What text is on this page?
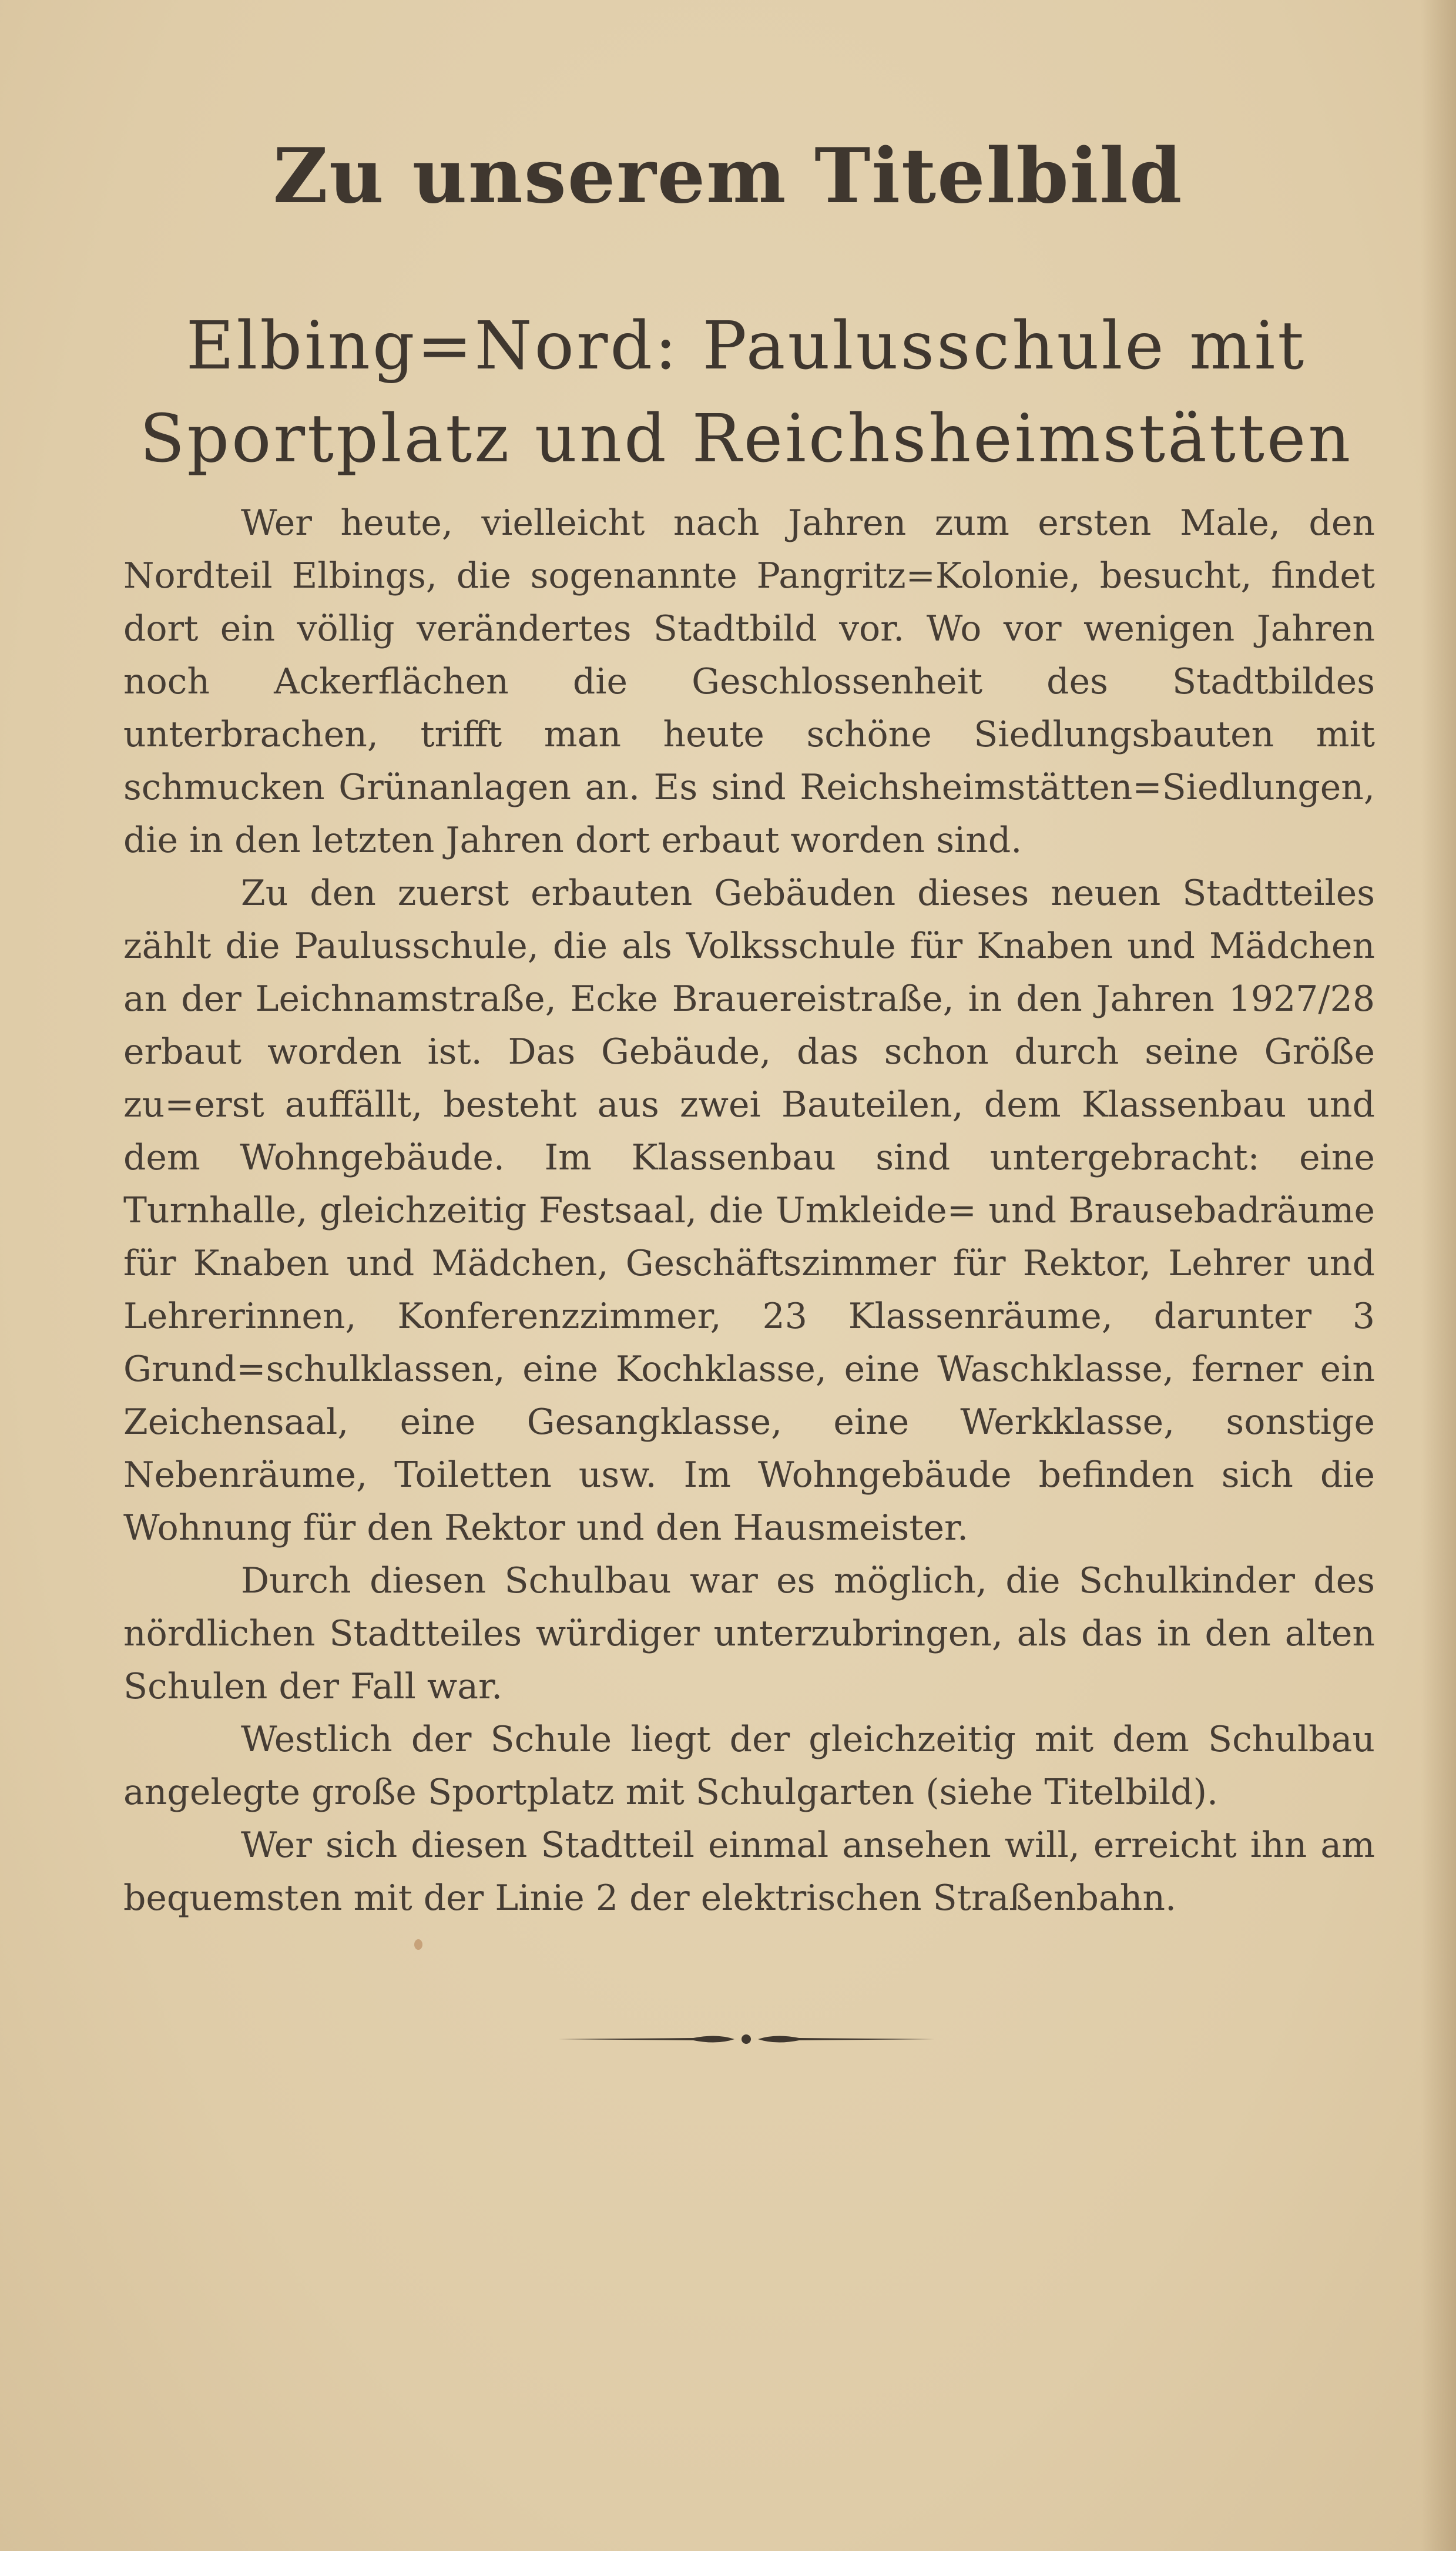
Zu unserem Titelbild
Elbing=Nord: Paulusschule mit Sportplatz und Reichsheimstätten

Wer heute, vielleicht nach Jahren zum ersten Male, den Nordteil Elbings, die sogenannte Pangritz=Kolonie, besucht, findet dort ein völlig verändertes Stadtbild vor. Wo vor wenigen Jahren noch Ackerflächen die Geschlossenheit des Stadtbildes unterbrachen, trifft man heute schöne Siedlungsbauten mit schmucken Grünanlagen an. Es sind Reichsheimstätten=Siedlungen, die in den letzten Jahren dort erbaut worden sind.

Zu den zuerst erbauten Gebäuden dieses neuen Stadtteiles zählt die Paulusschule, die als Volksschule für Knaben und Mädchen an der Leichnamstraße, Ecke Brauereistraße, in den Jahren 1927/28 erbaut worden ist. Das Gebäude, das schon durch seine Größe zu=erst auffällt, besteht aus zwei Bauteilen, dem Klassenbau und dem Wohngebäude. Im Klassenbau sind untergebracht: eine Turnhalle, gleichzeitig Festsaal, die Umkleide= und Brausebadräume für Knaben und Mädchen, Geschäftszimmer für Rektor, Lehrer und Lehrerinnen, Konferenzzimmer, 23 Klassenräume, darunter 3 Grund=schulklassen, eine Kochklasse, eine Waschklasse, ferner ein Zeichensaal, eine Gesangklasse, eine Werkklasse, sonstige Nebenräume, Toiletten usw. Im Wohngebäude befinden sich die Wohnung für den Rektor und den Hausmeister.

Durch diesen Schulbau war es möglich, die Schulkinder des nördlichen Stadtteiles würdiger unterzubringen, als das in den alten Schulen der Fall war.

Westlich der Schule liegt der gleichzeitig mit dem Schulbau angelegte große Sportplatz mit Schulgarten (siehe Titelbild).

Wer sich diesen Stadtteil einmal ansehen will, erreicht ihn am bequemsten mit der Linie 2 der elektrischen Straßenbahn.
